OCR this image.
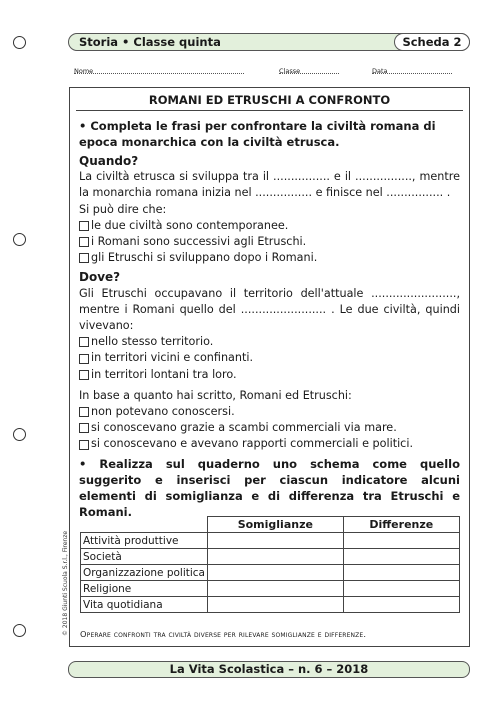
Storia • Classe quinta	Scheda 2
Nome	Classe	Data
ROMANI ED ETRUSCHI A CONFRONTO

• Completa le frasi per confrontare la civiltà romana di epoca monarchica con la civiltà etrusca.

Quando?

La civiltà etrusca si sviluppa tra il ................ e il ................, mentre la monarchia romana inizia nel ................ e finisce nel ................ .

Si può dire che:

le due civiltà sono contemporanee.
i Romani sono successivi agli Etruschi.
gli Etruschi si sviluppano dopo i Romani.

Dove?

Gli Etruschi occupavano il territorio dell'attuale ........................, mentre i Romani quello del ........................ . Le due civiltà, quindi vivevano:

nello stesso territorio.
in territori vicini e confinanti.
in territori lontani tra loro.

In base a quanto hai scritto, Romani ed Etruschi:

non potevano conoscersi.
si conoscevano grazie a scambi commerciali via mare.
si conoscevano e avevano rapporti commerciali e politici.

• Realizza sul quaderno uno schema come quello suggerito e inserisci per ciascun indicatore alcuni elementi di somiglianza e di differenza tra Etruschi e Romani.

	Somiglianze	Differenze
Attività produttive		
Società		
Organizzazione politica		
Religione		
Vita quotidiana		
Operare confronti tra civiltà diverse per rilevare somiglianze e differenze.
© 2018 Giunti Scuola S.r.l., Firenze
La Vita Scolastica – n. 6 – 2018
